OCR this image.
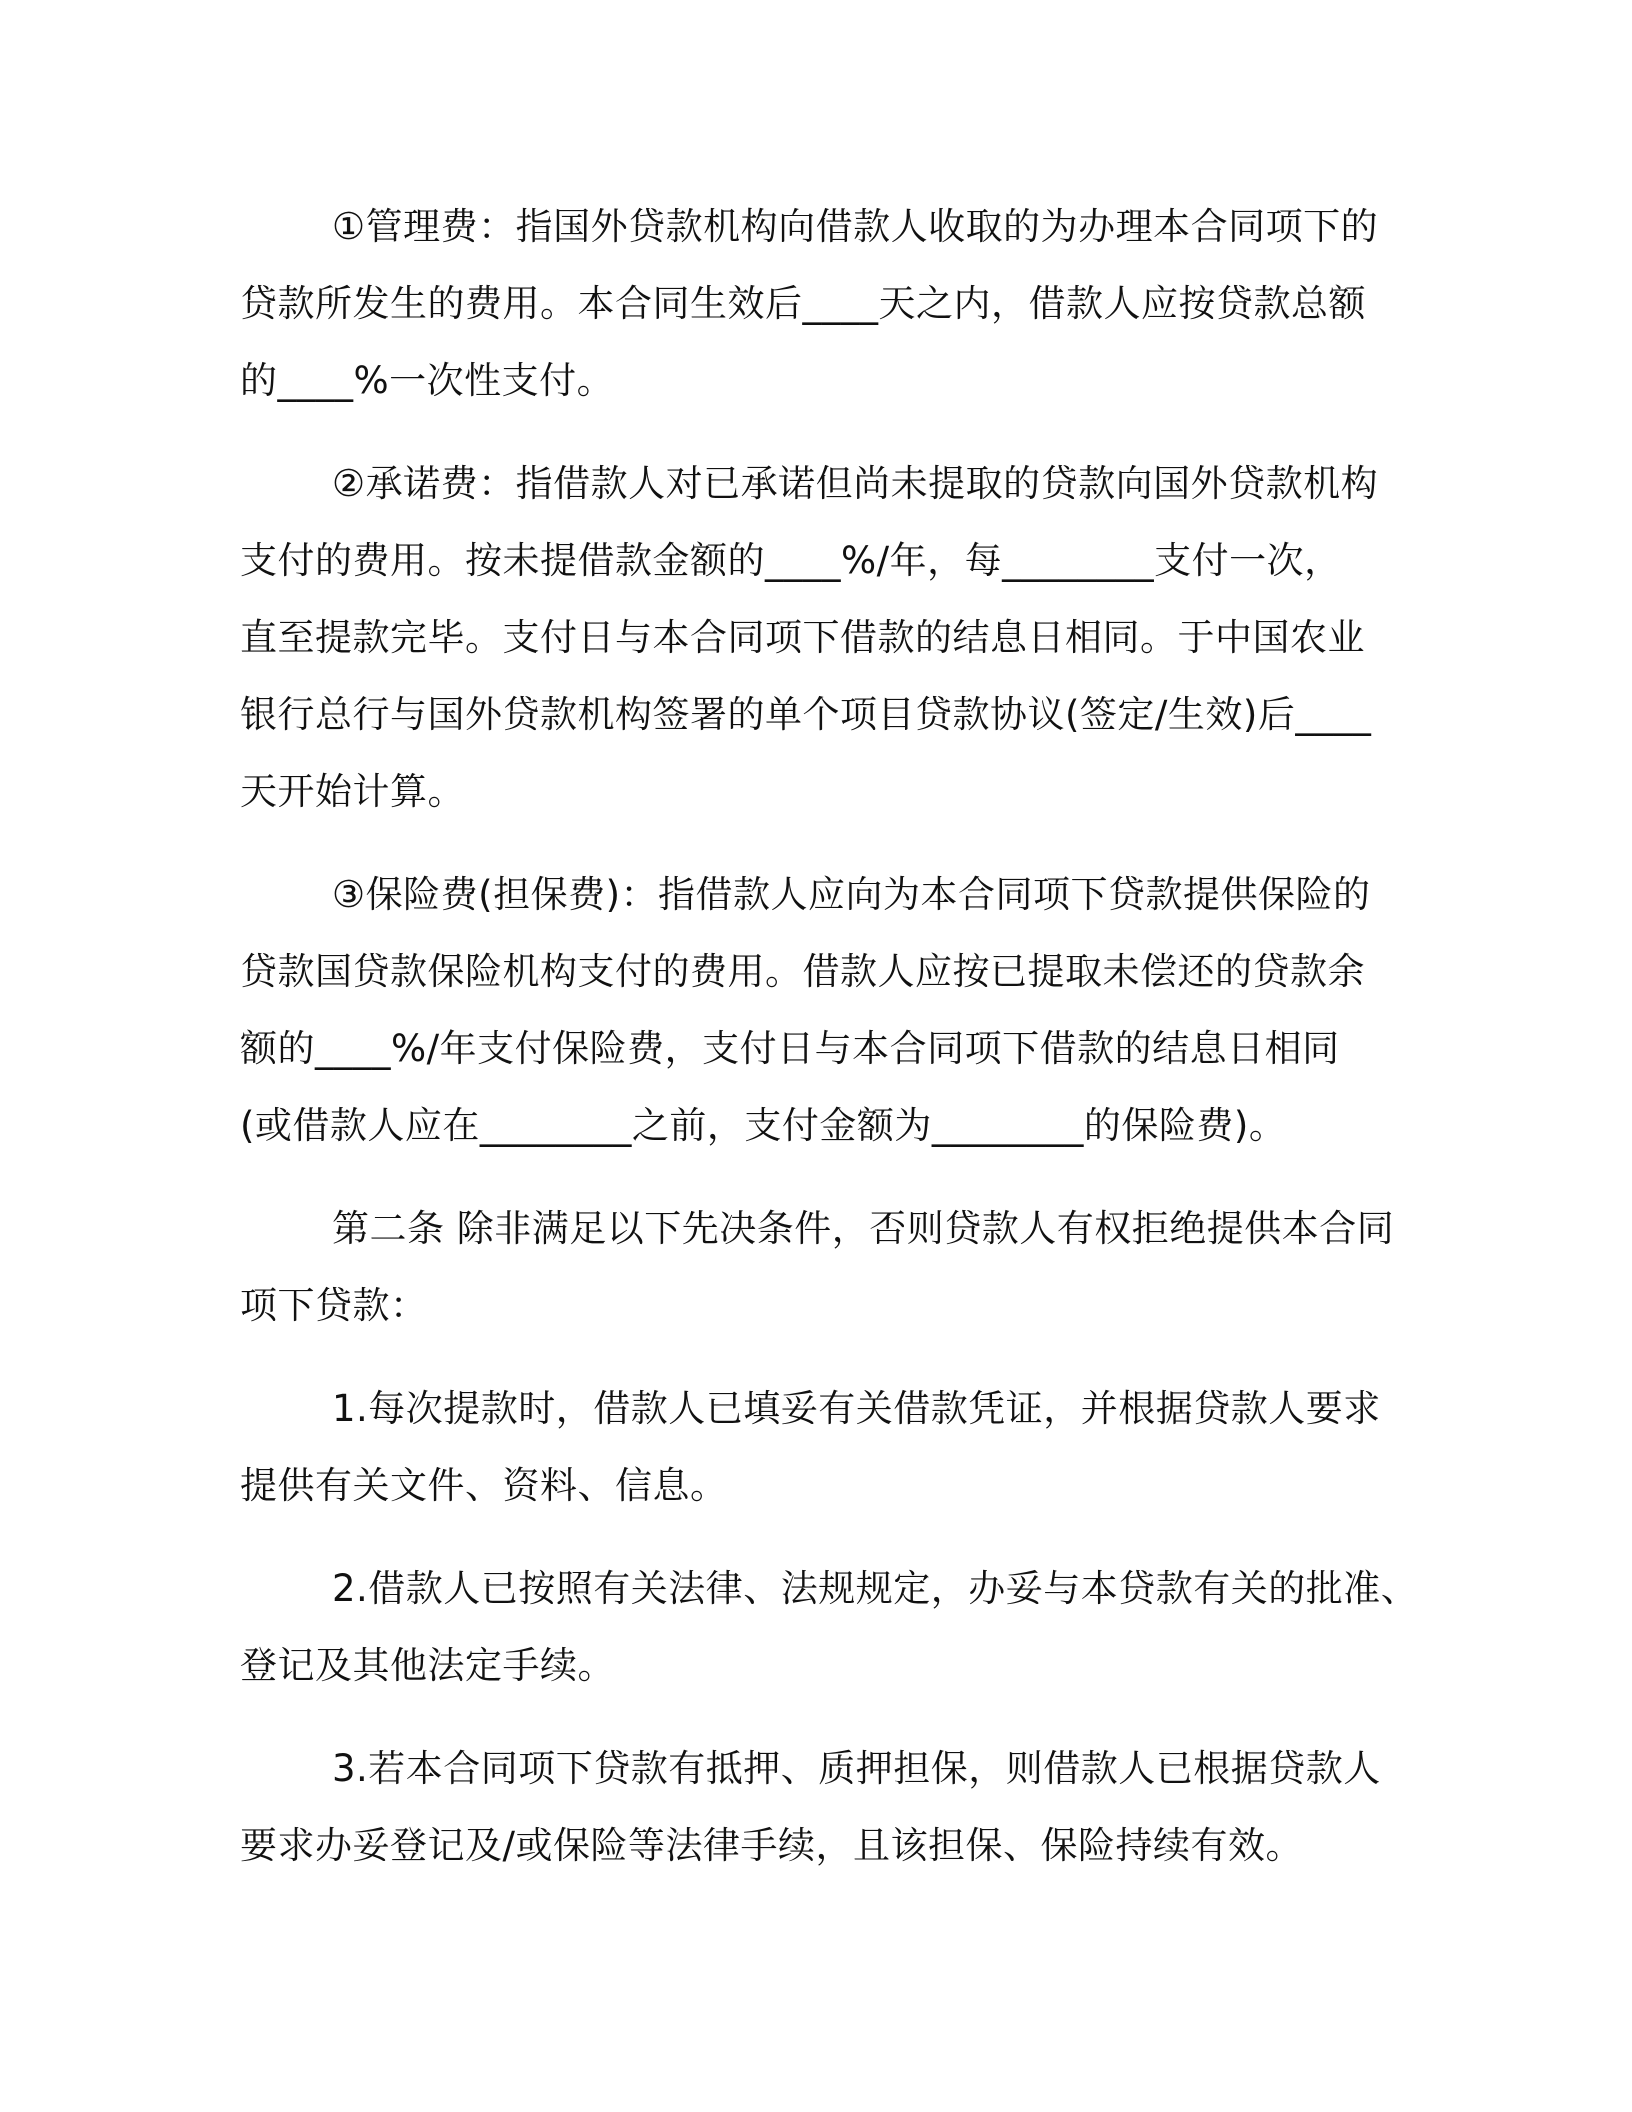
①管理费：指国外贷款机构向借款人收取的为办理本合同项下的
贷款所发生的费用。本合同生效后____天之内，借款人应按贷款总额
的____%一次性支付。

②承诺费：指借款人对已承诺但尚未提取的贷款向国外贷款机构
支付的费用。按未提借款金额的____%/年，每________支付一次，
直至提款完毕。支付日与本合同项下借款的结息日相同。于中国农业
银行总行与国外贷款机构签署的单个项目贷款协议(签定/生效)后____
天开始计算。

③保险费(担保费)：指借款人应向为本合同项下贷款提供保险的
贷款国贷款保险机构支付的费用。借款人应按已提取未偿还的贷款余
额的____%/年支付保险费，支付日与本合同项下借款的结息日相同
(或借款人应在________之前，支付金额为________的保险费)。

第二条 除非满足以下先决条件，否则贷款人有权拒绝提供本合同
项下贷款：

1.每次提款时，借款人已填妥有关借款凭证，并根据贷款人要求
提供有关文件、资料、信息。

2.借款人已按照有关法律、法规规定，办妥与本贷款有关的批准、
登记及其他法定手续。

3.若本合同项下贷款有抵押、质押担保，则借款人已根据贷款人
要求办妥登记及/或保险等法律手续，且该担保、保险持续有效。
